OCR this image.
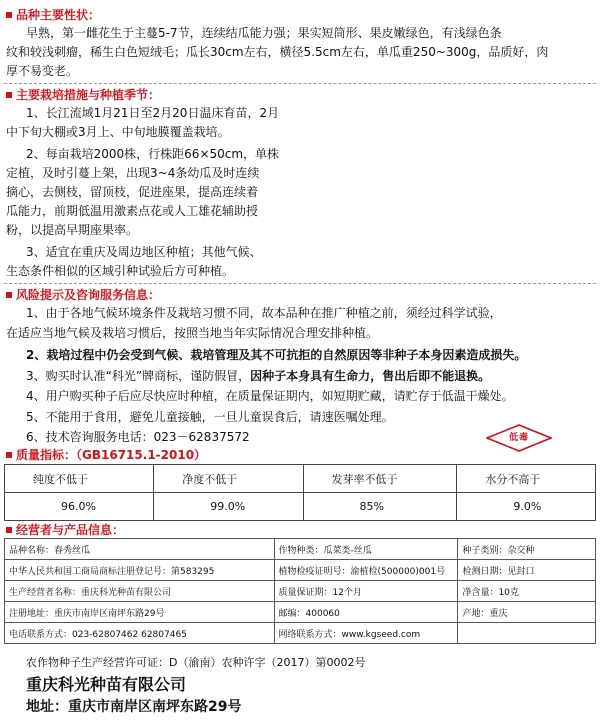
品种主要性状：
早熟，第一雌花生于主蔓5-7节，连续结瓜能力强；果实短筒形、果皮嫩绿色，有浅绿色条
纹和较浅刺瘤，稀生白色短绒毛；瓜长30cm左右，横径5.5cm左右，单瓜重250~300g，品质好，肉
厚不易变老。
主要栽培措施与种植季节：
1、长江流域1月21日至2月20日温床育苗，2月
中下旬大棚或3月上、中旬地膜覆盖栽培。
2、每亩栽培2000株，行株距66×50cm，单株
定植，及时引蔓上架，出现3~4条幼瓜及时连续
摘心，去侧枝，留顶枝，促进座果，提高连续着
瓜能力，前期低温用激素点花或人工雄花辅助授
粉，以提高早期座果率。
3、适宜在重庆及周边地区种植；其他气候、
生态条件相似的区域引种试验后方可种植。
风险提示及咨询服务信息：
1、由于各地气候环境条件及栽培习惯不同，故本品种在推广种植之前，须经过科学试验，
在适应当地气候及栽培习惯后，按照当地当年实际情况合理安排种植。
2、栽培过程中仍会受到气候、栽培管理及其不可抗拒的自然原因等非种子本身因素造成损失。
3、购买时认准“科光”牌商标，谨防假冒，因种子本身具有生命力，售出后即不能退换。
4、用户购买种子后应尽快应时种植，在质量保证期内，如短期贮藏，请贮存于低温干燥处。
5、不能用于食用，避免儿童接触，一旦儿童误食后，请速医嘱处理。
6、技术咨询服务电话：023－62837572	低毒
质量指标：（GB16715.1-2010）
纯度不低于	净度不低于	发芽率不低于	水分不高于
96.0%	99.0%	85%	9.0%
经营者与产品信息：
品种名称：春秀丝瓜	作物种类：瓜菜类-丝瓜	种子类别：杂交种
中华人民共和国工商局商标注册登记号：第583295	植物检疫证明号：渝植检(500000)001号	检测日期：见封口
生产经营者名称：重庆科光种苗有限公司	质量保证期：12个月	净含量：10克
注册地址：重庆市南岸区南坪东路29号	邮编：400060	产地：重庆
电话联系方式：023-62807462 62807465	网络联系方式：www.kgseed.com	
农作物种子生产经营许可证：D（渝南）农种许字（2017）第0002号
重庆科光种苗有限公司
地址：重庆市南岸区南坪东路29号
